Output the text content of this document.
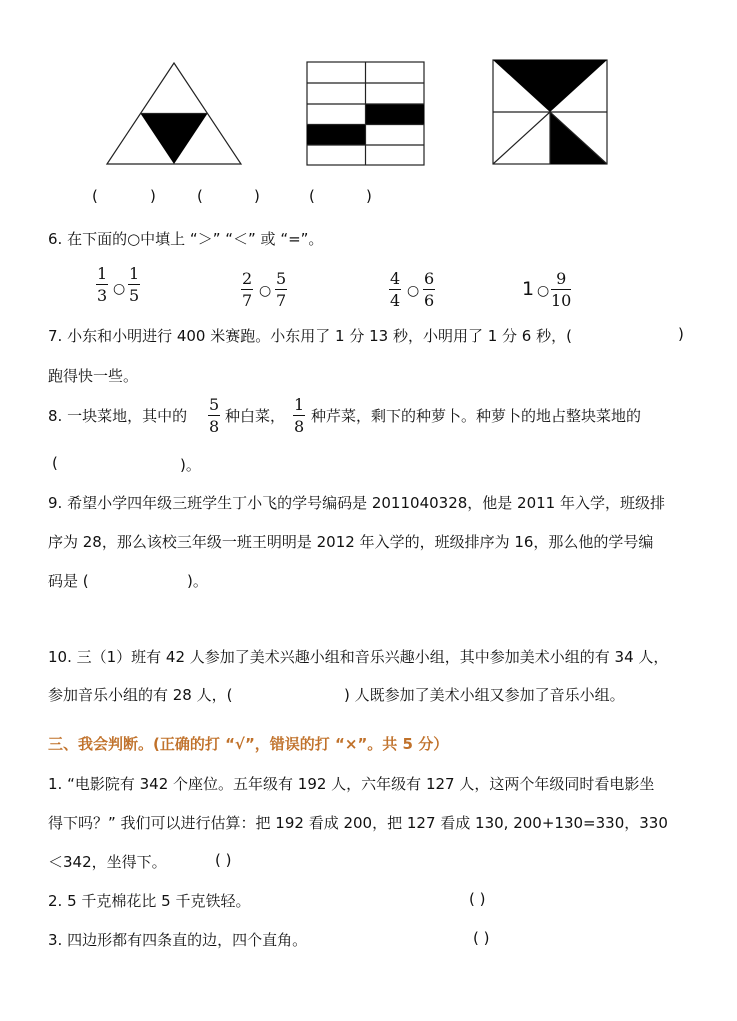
(	)	(	)	(	)
6. 在下面的○中填上 “＞” “＜” 或 “=”。
$\frac{1}{3}$ ○ $\frac{1}{5}$	$\frac{2}{7}$ ○ $\frac{5}{7}$	$\frac{4}{4}$ ○ $\frac{6}{6}$	1 ○ $\frac{9}{10}$
7. 小东和小明进行 400 米赛跑。小东用了 1 分 13 秒，小明用了 1 分 6 秒，(	)
跑得快一些。
8. 一块菜地，其中的 $\frac{5}{8}$ 种白菜， $\frac{1}{8}$ 种芹菜，剩下的种萝卜。种萝卜的地占整块菜地的
(	)。
9. 希望小学四年级三班学生丁小飞的学号编码是 2011040328，他是 2011 年入学，班级排
序为 28，那么该校三年级一班王明明是 2012 年入学的，班级排序为 16，那么他的学号编
码是 (	)。
10. 三（1）班有 42 人参加了美术兴趣小组和音乐兴趣小组，其中参加美术小组的有 34 人，
参加音乐小组的有 28 人，(	) 人既参加了美术小组又参加了音乐小组。
三、我会判断。(正确的打 “√”，错误的打 “×”。共 5 分）
1. “电影院有 342 个座位。五年级有 192 人，六年级有 127 人，这两个年级同时看电影坐
得下吗？” 我们可以进行估算：把 192 看成 200，把 127 看成 130, 200+130=330，330
＜342，坐得下。	( )
2. 5 千克棉花比 5 千克铁轻。	( )
3. 四边形都有四条直的边，四个直角。	( )
